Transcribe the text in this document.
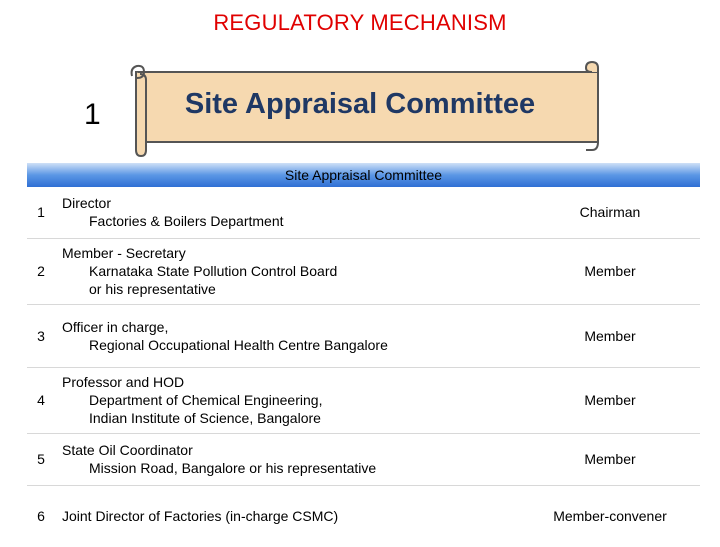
REGULATORY MECHANISM
1	Site Appraisal Committee
Site Appraisal Committee		
1	Director
Factories & Boilers Department	Chairman
2	Member - Secretary
Karnataka State Pollution Control Board
or his representative	Member
3	Officer in charge,
Regional Occupational Health Centre Bangalore	Member
4	Professor and HOD
Department of Chemical Engineering,
Indian Institute of Science, Bangalore	Member
5	State Oil Coordinator
Mission Road, Bangalore or his representative	Member
6	Joint Director of Factories (in-charge CSMC)	Member-convener
